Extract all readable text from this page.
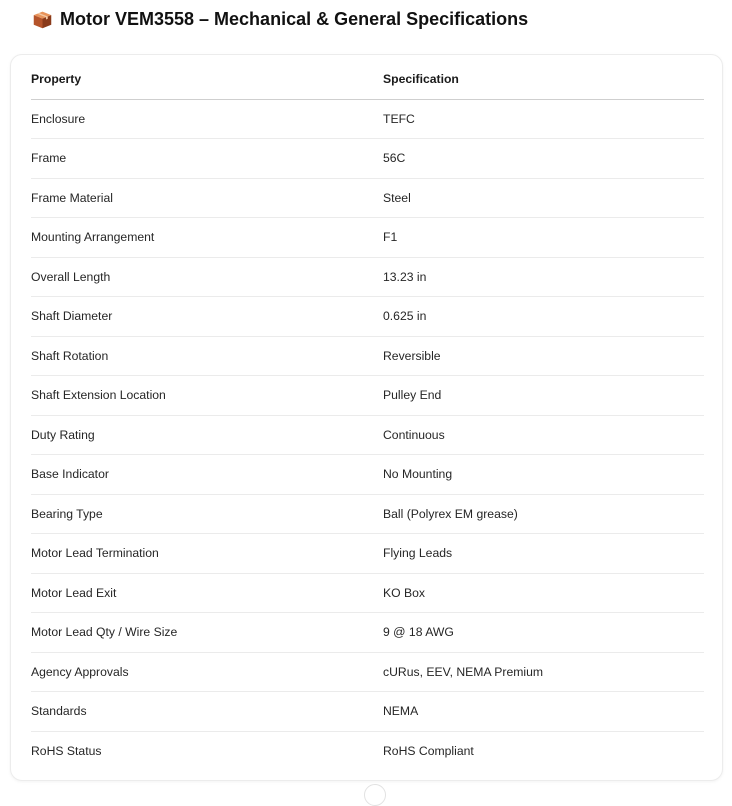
Motor VEM3558 – Mechanical & General Specifications
Property	Specification
Enclosure	TEFC
Frame	56C
Frame Material	Steel
Mounting Arrangement	F1
Overall Length	13.23 in
Shaft Diameter	0.625 in
Shaft Rotation	Reversible
Shaft Extension Location	Pulley End
Duty Rating	Continuous
Base Indicator	No Mounting
Bearing Type	Ball (Polyrex EM grease)
Motor Lead Termination	Flying Leads
Motor Lead Exit	KO Box
Motor Lead Qty / Wire Size	9 @ 18 AWG
Agency Approvals	cURus, EEV, NEMA Premium
Standards	NEMA
RoHS Status	RoHS Compliant
